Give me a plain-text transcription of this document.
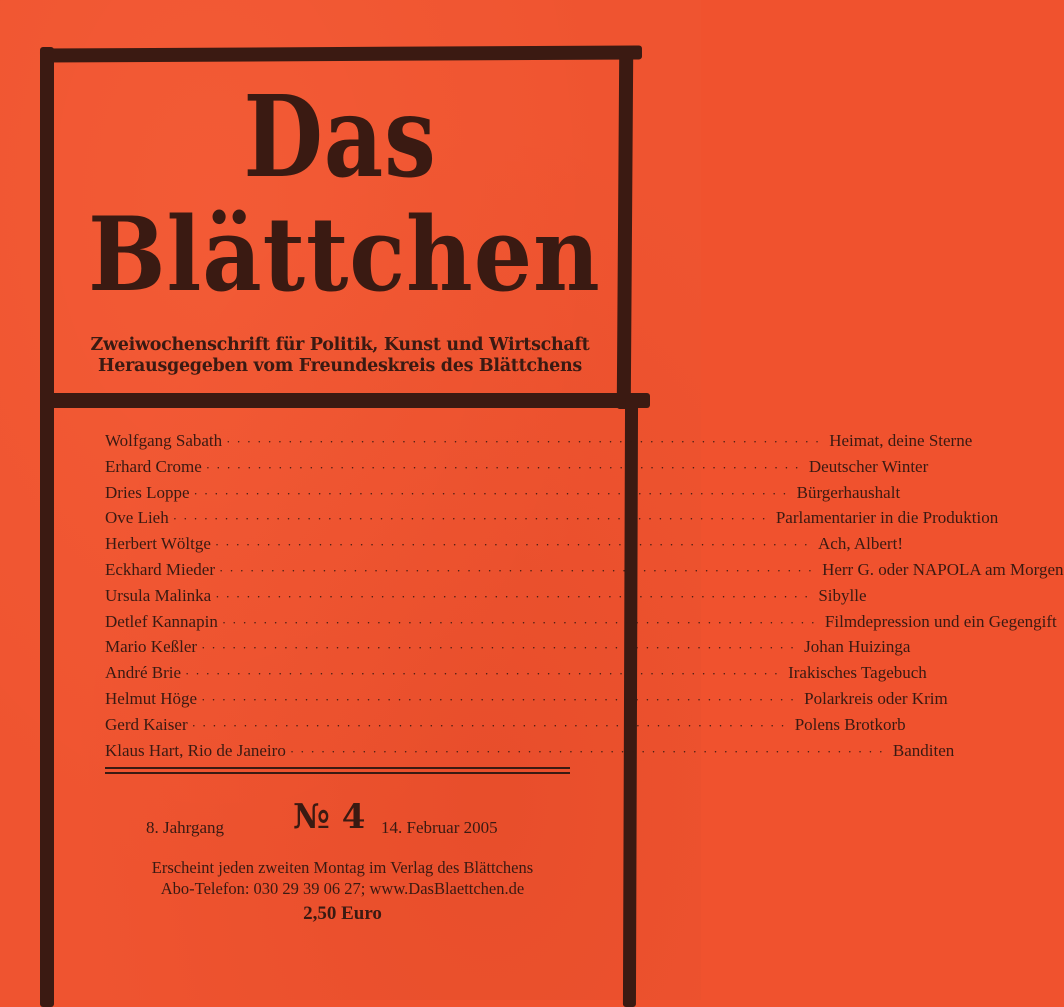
Das
Blättchen
Zweiwochenschrift für Politik, Kunst und Wirtschaft
Herausgegeben vom Freundeskreis des Blättchens
Wolfgang Sabath ·························································· Heimat, deine Sterne
Erhard Crome ·························································· Deutscher Winter
Dries Loppe ·························································· Bürgerhaushalt
Ove Lieh ·························································· Parlamentarier in die Produktion
Herbert Wöltge ·························································· Ach, Albert!
Eckhard Mieder ·························································· Herr G. oder NAPOLA am Morgen
Ursula Malinka ·························································· Sibylle
Detlef Kannapin ·························································· Filmdepression und ein Gegengift
Mario Keßler ·························································· Johan Huizinga
André Brie ·························································· Irakisches Tagebuch
Helmut Höge ·························································· Polarkreis oder Krim
Gerd Kaiser ·························································· Polens Brotkorb
Klaus Hart, Rio de Janeiro ·························································· Banditen
8. Jahrgang № 4 14. Februar 2005
Erscheint jeden zweiten Montag im Verlag des Blättchens
Abo-Telefon: 030 29 39 06 27; www.DasBlaettchen.de
2,50 Euro
